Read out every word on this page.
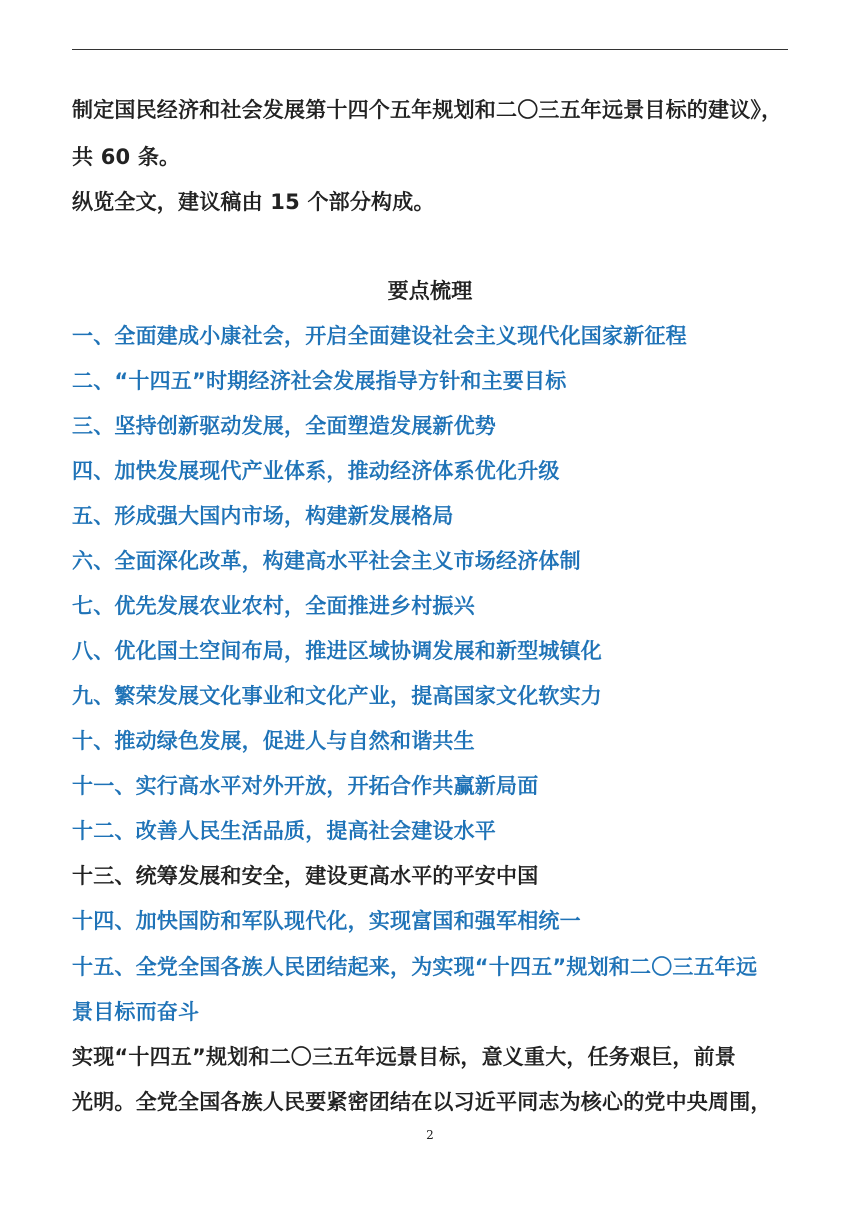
制定国民经济和社会发展第十四个五年规划和二〇三五年远景目标的建议》，
共 60 条。
纵览全文，建议稿由 15 个部分构成。
要点梳理
一、全面建成小康社会，开启全面建设社会主义现代化国家新征程
二、“十四五”时期经济社会发展指导方针和主要目标
三、坚持创新驱动发展，全面塑造发展新优势
四、加快发展现代产业体系，推动经济体系优化升级
五、形成强大国内市场，构建新发展格局
六、全面深化改革，构建高水平社会主义市场经济体制
七、优先发展农业农村，全面推进乡村振兴
八、优化国土空间布局，推进区域协调发展和新型城镇化
九、繁荣发展文化事业和文化产业，提高国家文化软实力
十、推动绿色发展，促进人与自然和谐共生
十一、实行高水平对外开放，开拓合作共赢新局面
十二、改善人民生活品质，提高社会建设水平
十三、统筹发展和安全，建设更高水平的平安中国
十四、加快国防和军队现代化，实现富国和强军相统一
十五、全党全国各族人民团结起来，为实现“十四五”规划和二〇三五年远
景目标而奋斗
实现“十四五”规划和二〇三五年远景目标，意义重大，任务艰巨，前景
光明。全党全国各族人民要紧密团结在以习近平同志为核心的党中央周围，
2
